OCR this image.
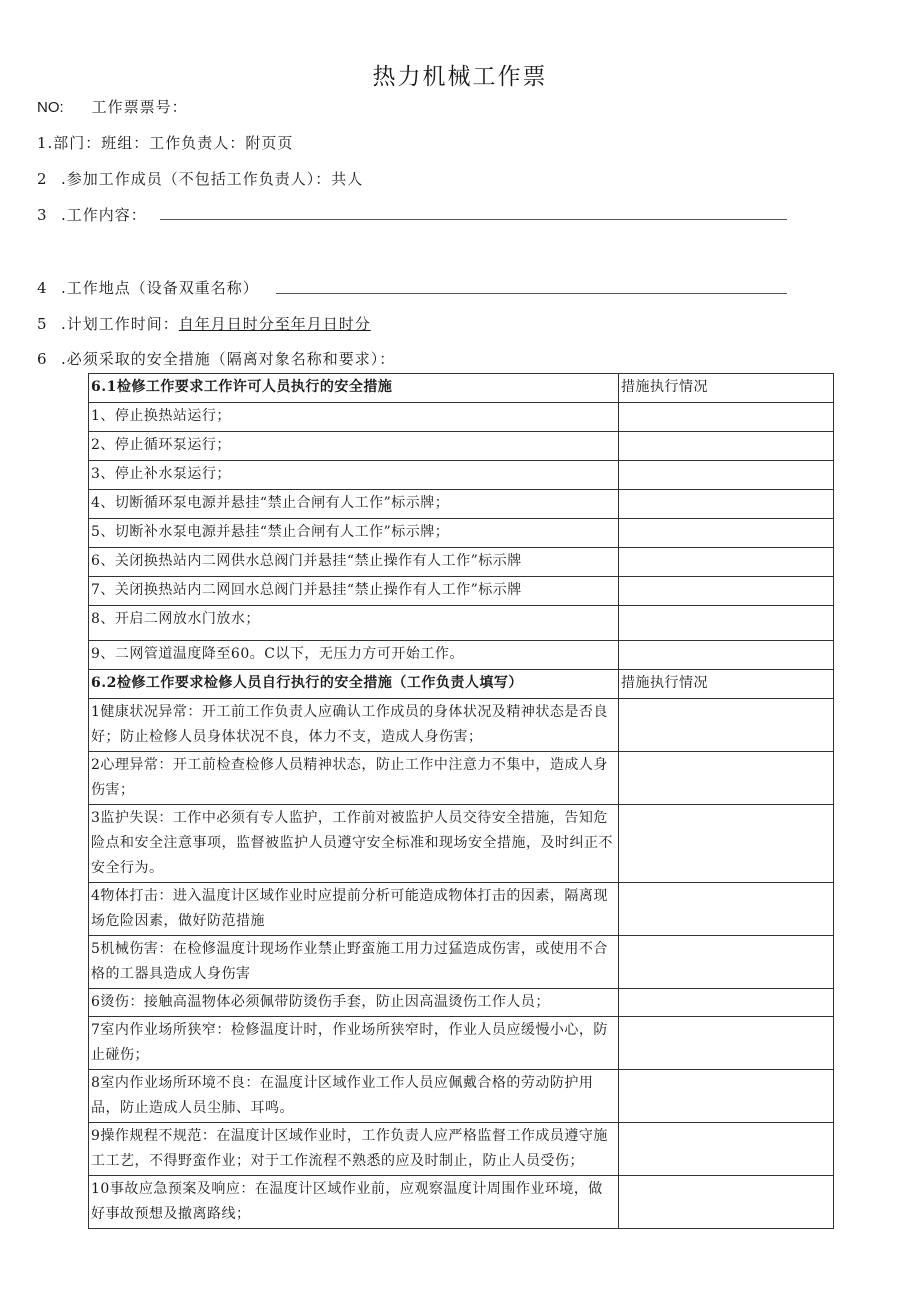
热力机械工作票
NO: 工作票票号：
1.部门：班组：工作负责人：附页页
2 .参加工作成员（不包括工作负责人）：共人
3 .工作内容：
4 .工作地点（设备双重名称）
5 .计划工作时间：自年月日时分至年月日时分
6 .必须采取的安全措施（隔离对象名称和要求）：
6.1检修工作要求工作许可人员执行的安全措施	措施执行情况
1、停止换热站运行；	
2、停止循环泵运行；	
3、停止补水泵运行；	
4、切断循环泵电源并悬挂“禁止合闸有人工作”标示牌；	
5、切断补水泵电源并悬挂“禁止合闸有人工作”标示牌；	
6、关闭换热站内二网供水总阀门并悬挂“禁止操作有人工作”标示牌	
7、关闭换热站内二网回水总阀门并悬挂“禁止操作有人工作”标示牌	
8、开启二网放水门放水；	
9、二网管道温度降至60。C以下，无压力方可开始工作。	
6.2检修工作要求检修人员自行执行的安全措施（工作负责人填写）	措施执行情况
1健康状况异常：开工前工作负责人应确认工作成员的身体状况及精神状态是否良好；防止检修人员身体状况不良，体力不支，造成人身伤害；	
2心理异常：开工前检查检修人员精神状态，防止工作中注意力不集中，造成人身伤害；	
3监护失误：工作中必须有专人监护，工作前对被监护人员交待安全措施，告知危险点和安全注意事项，监督被监护人员遵守安全标准和现场安全措施，及时纠正不安全行为。	
4物体打击：进入温度计区域作业时应提前分析可能造成物体打击的因素，隔离现场危险因素，做好防范措施	
5机械伤害：在检修温度计现场作业禁止野蛮施工用力过猛造成伤害，或使用不合格的工器具造成人身伤害	
6烫伤：接触高温物体必须佩带防烫伤手套，防止因高温烫伤工作人员；	
7室内作业场所狭窄：检修温度计时，作业场所狭窄时，作业人员应缓慢小心，防止碰伤；	
8室内作业场所环境不良：在温度计区域作业工作人员应佩戴合格的劳动防护用品，防止造成人员尘肺、耳鸣。	
9操作规程不规范：在温度计区域作业时，工作负责人应严格监督工作成员遵守施工工艺，不得野蛮作业；对于工作流程不熟悉的应及时制止，防止人员受伤；	
10事故应急预案及响应：在温度计区域作业前，应观察温度计周围作业环境，做好事故预想及撤离路线；	
